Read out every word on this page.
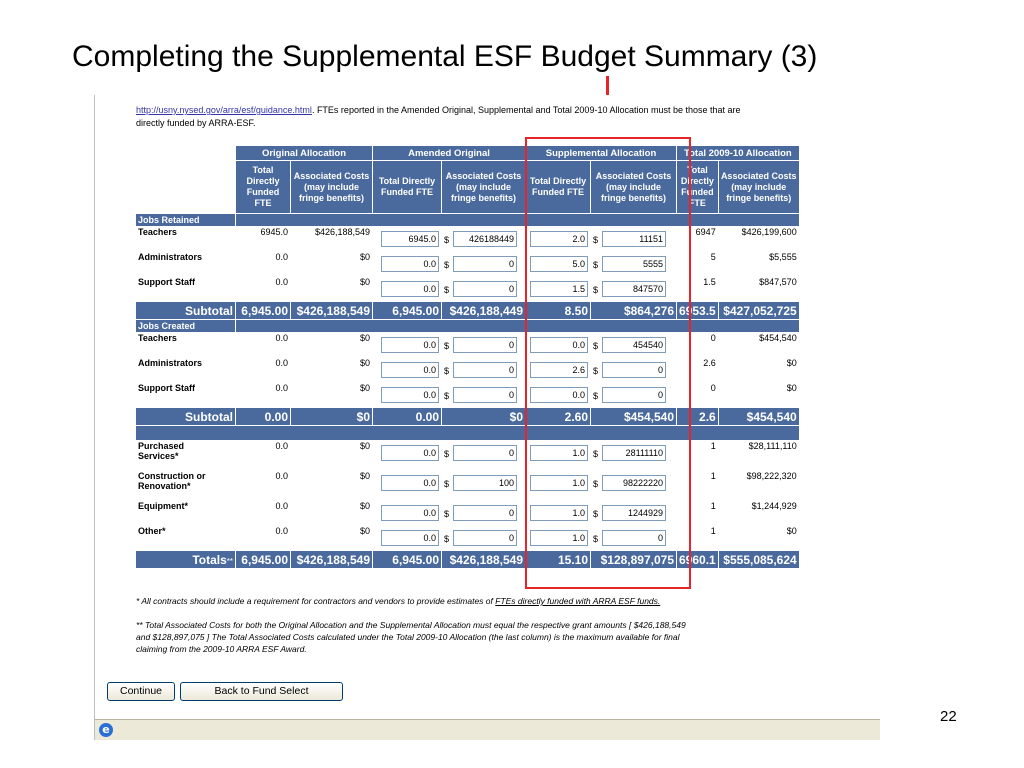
Completing the Supplemental ESF Budget Summary (3)
http://usny.nysed.gov/arra/esf/guidance.html. FTEs reported in the Amended Original, Supplemental and Total 2009-10 Allocation must be those that are
directly funded by ARRA-ESF.
	Original Allocation		Amended Original		Supplemental Allocation		Total 2009-10 Allocation	
	Total Directly Funded FTE	Associated Costs (may include fringe benefits)	Total Directly Funded FTE	Associated Costs (may include fringe benefits)	Total Directly Funded FTE	Associated Costs (may include fringe benefits)	Total Directly Funded FTE	Associated Costs (may include fringe benefits)
Jobs Retained								
Teachers	6945.0	$426,188,549	6945.0	$ 426188449	2.0	$ 11151	6947	$426,199,600
Administrators	0.0	$0	0.0	$ 0	5.0	$ 5555	5	$5,555
Support Staff	0.0	$0	0.0	$ 0	1.5	$ 847570	1.5	$847,570
Subtotal	6,945.00	$426,188,549	6,945.00	$426,188,449	8.50	$864,276	6953.5	$427,052,725
Jobs Created								
Teachers	0.0	$0	0.0	$ 0	0.0	$ 454540	0	$454,540
Administrators	0.0	$0	0.0	$ 0	2.6	$ 0	2.6	$0
Support Staff	0.0	$0	0.0	$ 0	0.0	$ 0	0	$0
Subtotal	0.00	$0	0.00	$0	2.60	$454,540	2.6	$454,540

Purchased
Services*	0.0	$0	0.0	$ 0	1.0	$ 28111110	1	$28,111,110
Construction or
Renovation*	0.0	$0	0.0	$ 100	1.0	$ 98222220	1	$98,222,320
Equipment*	0.0	$0	0.0	$ 0	1.0	$ 1244929	1	$1,244,929
Other*	0.0	$0	0.0	$ 0	1.0	$ 0	1	$0
Totals**	6,945.00	$426,188,549	6,945.00	$426,188,549	15.10	$128,897,075	6960.1	$555,085,624
* All contracts should include a requirement for contractors and vendors to provide estimates of FTEs directly funded with ARRA ESF funds.
** Total Associated Costs for both the Original Allocation and the Supplemental Allocation must equal the respective grant amounts [ $426,188,549
and $128,897,075 ] The Total Associated Costs calculated under the Total 2009-10 Allocation (the last column) is the maximum available for final
claiming from the 2009-10 ARRA ESF Award.
Continue	Back to Fund Select
e
22
